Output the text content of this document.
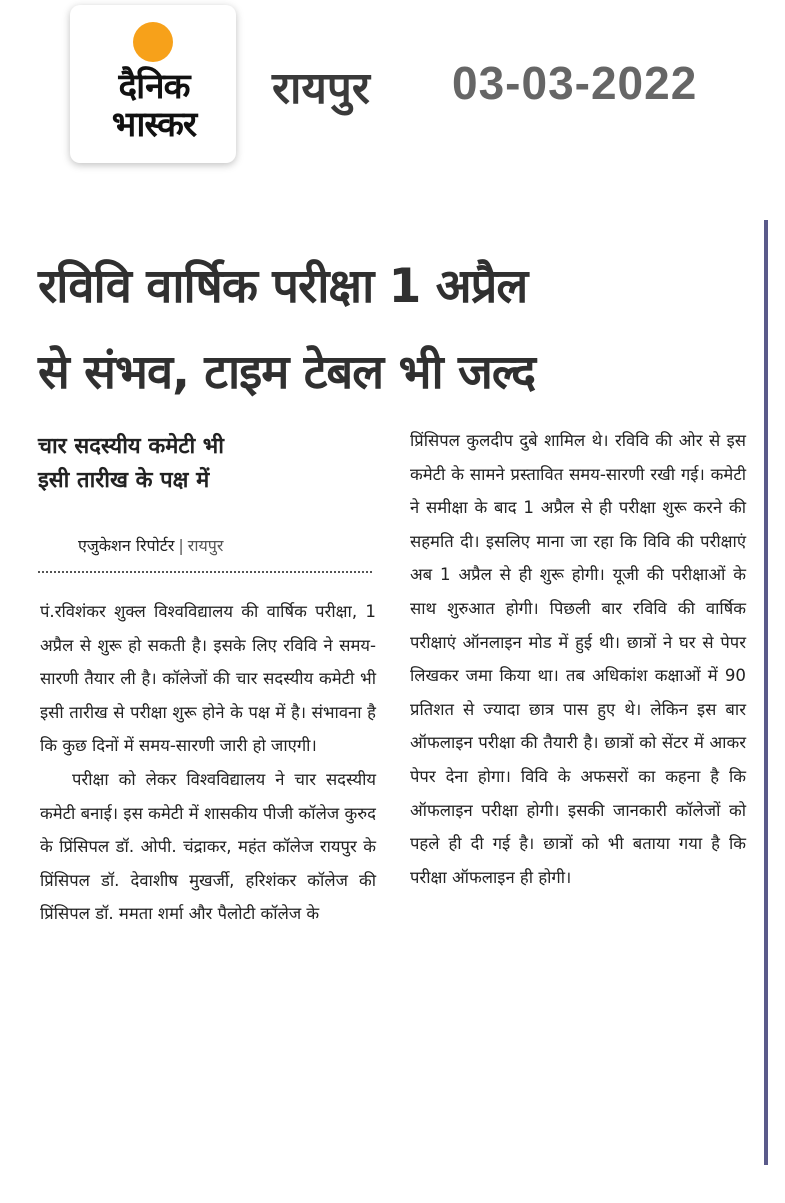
दैनिक
भास्कर
रायपुर 03-03-2022
रविवि वार्षिक परीक्षा 1 अप्रैल
से संभव, टाइम टेबल भी जल्द
चार सदस्यीय कमेटी भी
इसी तारीख के पक्ष में
एजुकेशन रिपोर्टर | रायपुर

पं.रविशंकर शुक्ल विश्वविद्यालय की वार्षिक परीक्षा, 1 अप्रैल से शुरू हो सकती है। इसके लिए रविवि ने समय-सारणी तैयार ली है। कॉलेजों की चार सदस्यीय कमेटी भी इसी तारीख से परीक्षा शुरू होने के पक्ष में है। संभावना है कि कुछ दिनों में समय-सारणी जारी हो जाएगी।

परीक्षा को लेकर विश्वविद्यालय ने चार सदस्यीय कमेटी बनाई। इस कमेटी में शासकीय पीजी कॉलेज कुरुद के प्रिंसिपल डॉ. ओपी. चंद्राकर, महंत कॉलेज रायपुर के प्रिंसिपल डॉ. देवाशीष मुखर्जी, हरिशंकर कॉलेज की प्रिंसिपल डॉ. ममता शर्मा और पैलोटी कॉलेज के

प्रिंसिपल कुलदीप दुबे शामिल थे। रविवि की ओर से इस कमेटी के सामने प्रस्तावित समय-सारणी रखी गई। कमेटी ने समीक्षा के बाद 1 अप्रैल से ही परीक्षा शुरू करने की सहमति दी। इसलिए माना जा रहा कि विवि की परीक्षाएं अब 1 अप्रैल से ही शुरू होगी। यूजी की परीक्षाओं के साथ शुरुआत होगी। पिछली बार रविवि की वार्षिक परीक्षाएं ऑनलाइन मोड में हुई थी। छात्रों ने घर से पेपर लिखकर जमा किया था। तब अधिकांश कक्षाओं में 90 प्रतिशत से ज्यादा छात्र पास हुए थे। लेकिन इस बार ऑफलाइन परीक्षा की तैयारी है। छात्रों को सेंटर में आकर पेपर देना होगा। विवि के अफसरों का कहना है कि ऑफलाइन परीक्षा होगी। इसकी जानकारी कॉलेजों को पहले ही दी गई है। छात्रों को भी बताया गया है कि परीक्षा ऑफलाइन ही होगी।
